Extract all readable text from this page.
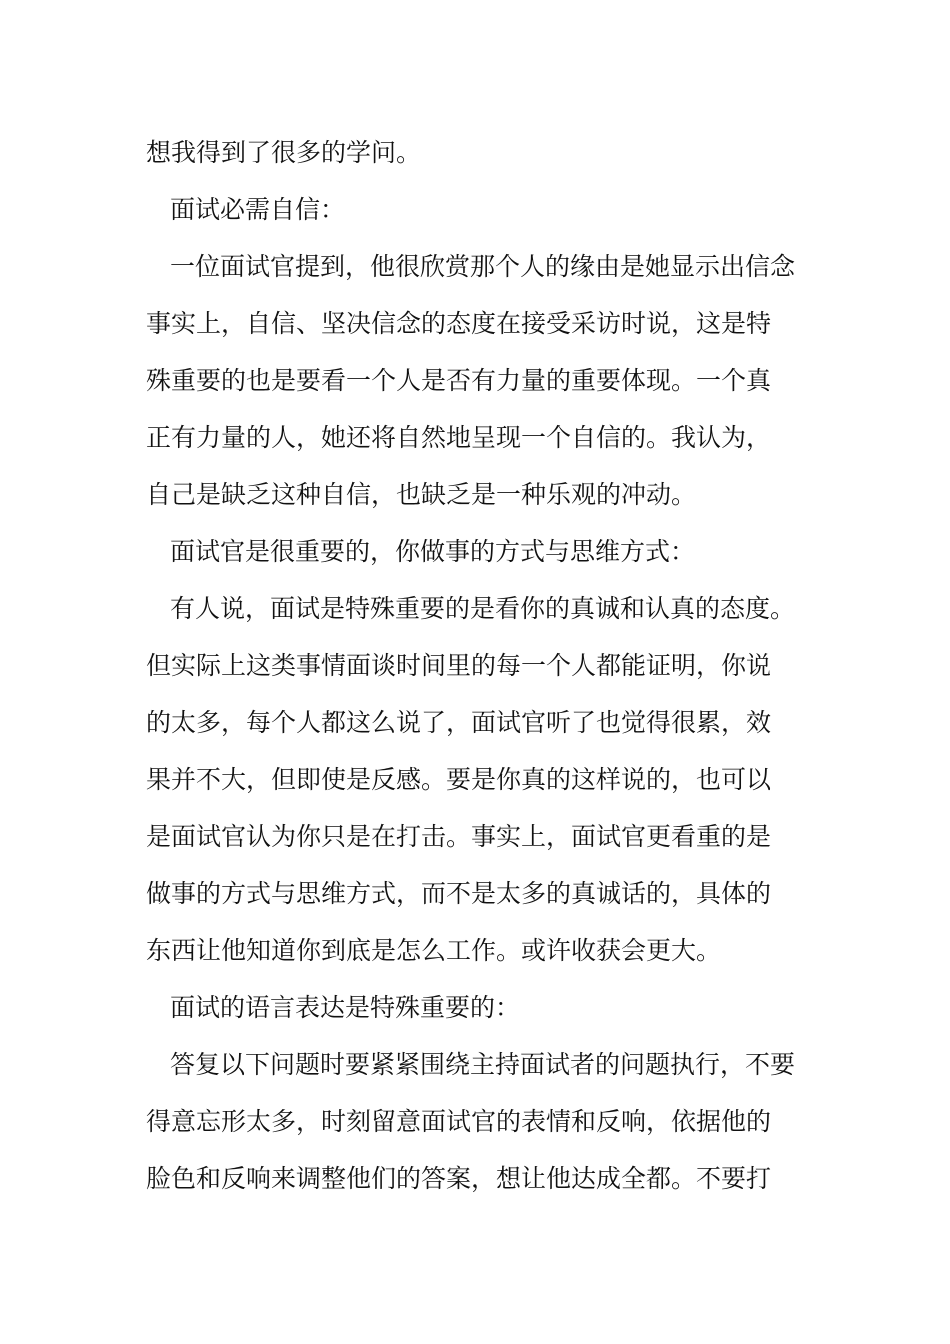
想我得到了很多的学问。
面试必需自信：
一位面试官提到，他很欣赏那个人的缘由是她显示出信念
事实上，自信、坚决信念的态度在接受采访时说，这是特
殊重要的也是要看一个人是否有力量的重要体现。一个真
正有力量的人，她还将自然地呈现一个自信的。我认为，
自己是缺乏这种自信，也缺乏是一种乐观的冲动。
面试官是很重要的，你做事的方式与思维方式：
有人说，面试是特殊重要的是看你的真诚和认真的态度。
但实际上这类事情面谈时间里的每一个人都能证明，你说
的太多，每个人都这么说了，面试官听了也觉得很累，效
果并不大，但即使是反感。要是你真的这样说的，也可以
是面试官认为你只是在打击。事实上，面试官更看重的是
做事的方式与思维方式，而不是太多的真诚话的，具体的
东西让他知道你到底是怎么工作。或许收获会更大。
面试的语言表达是特殊重要的：
答复以下问题时要紧紧围绕主持面试者的问题执行，不要
得意忘形太多，时刻留意面试官的表情和反响，依据他的
脸色和反响来调整他们的答案，想让他达成全都。不要打
